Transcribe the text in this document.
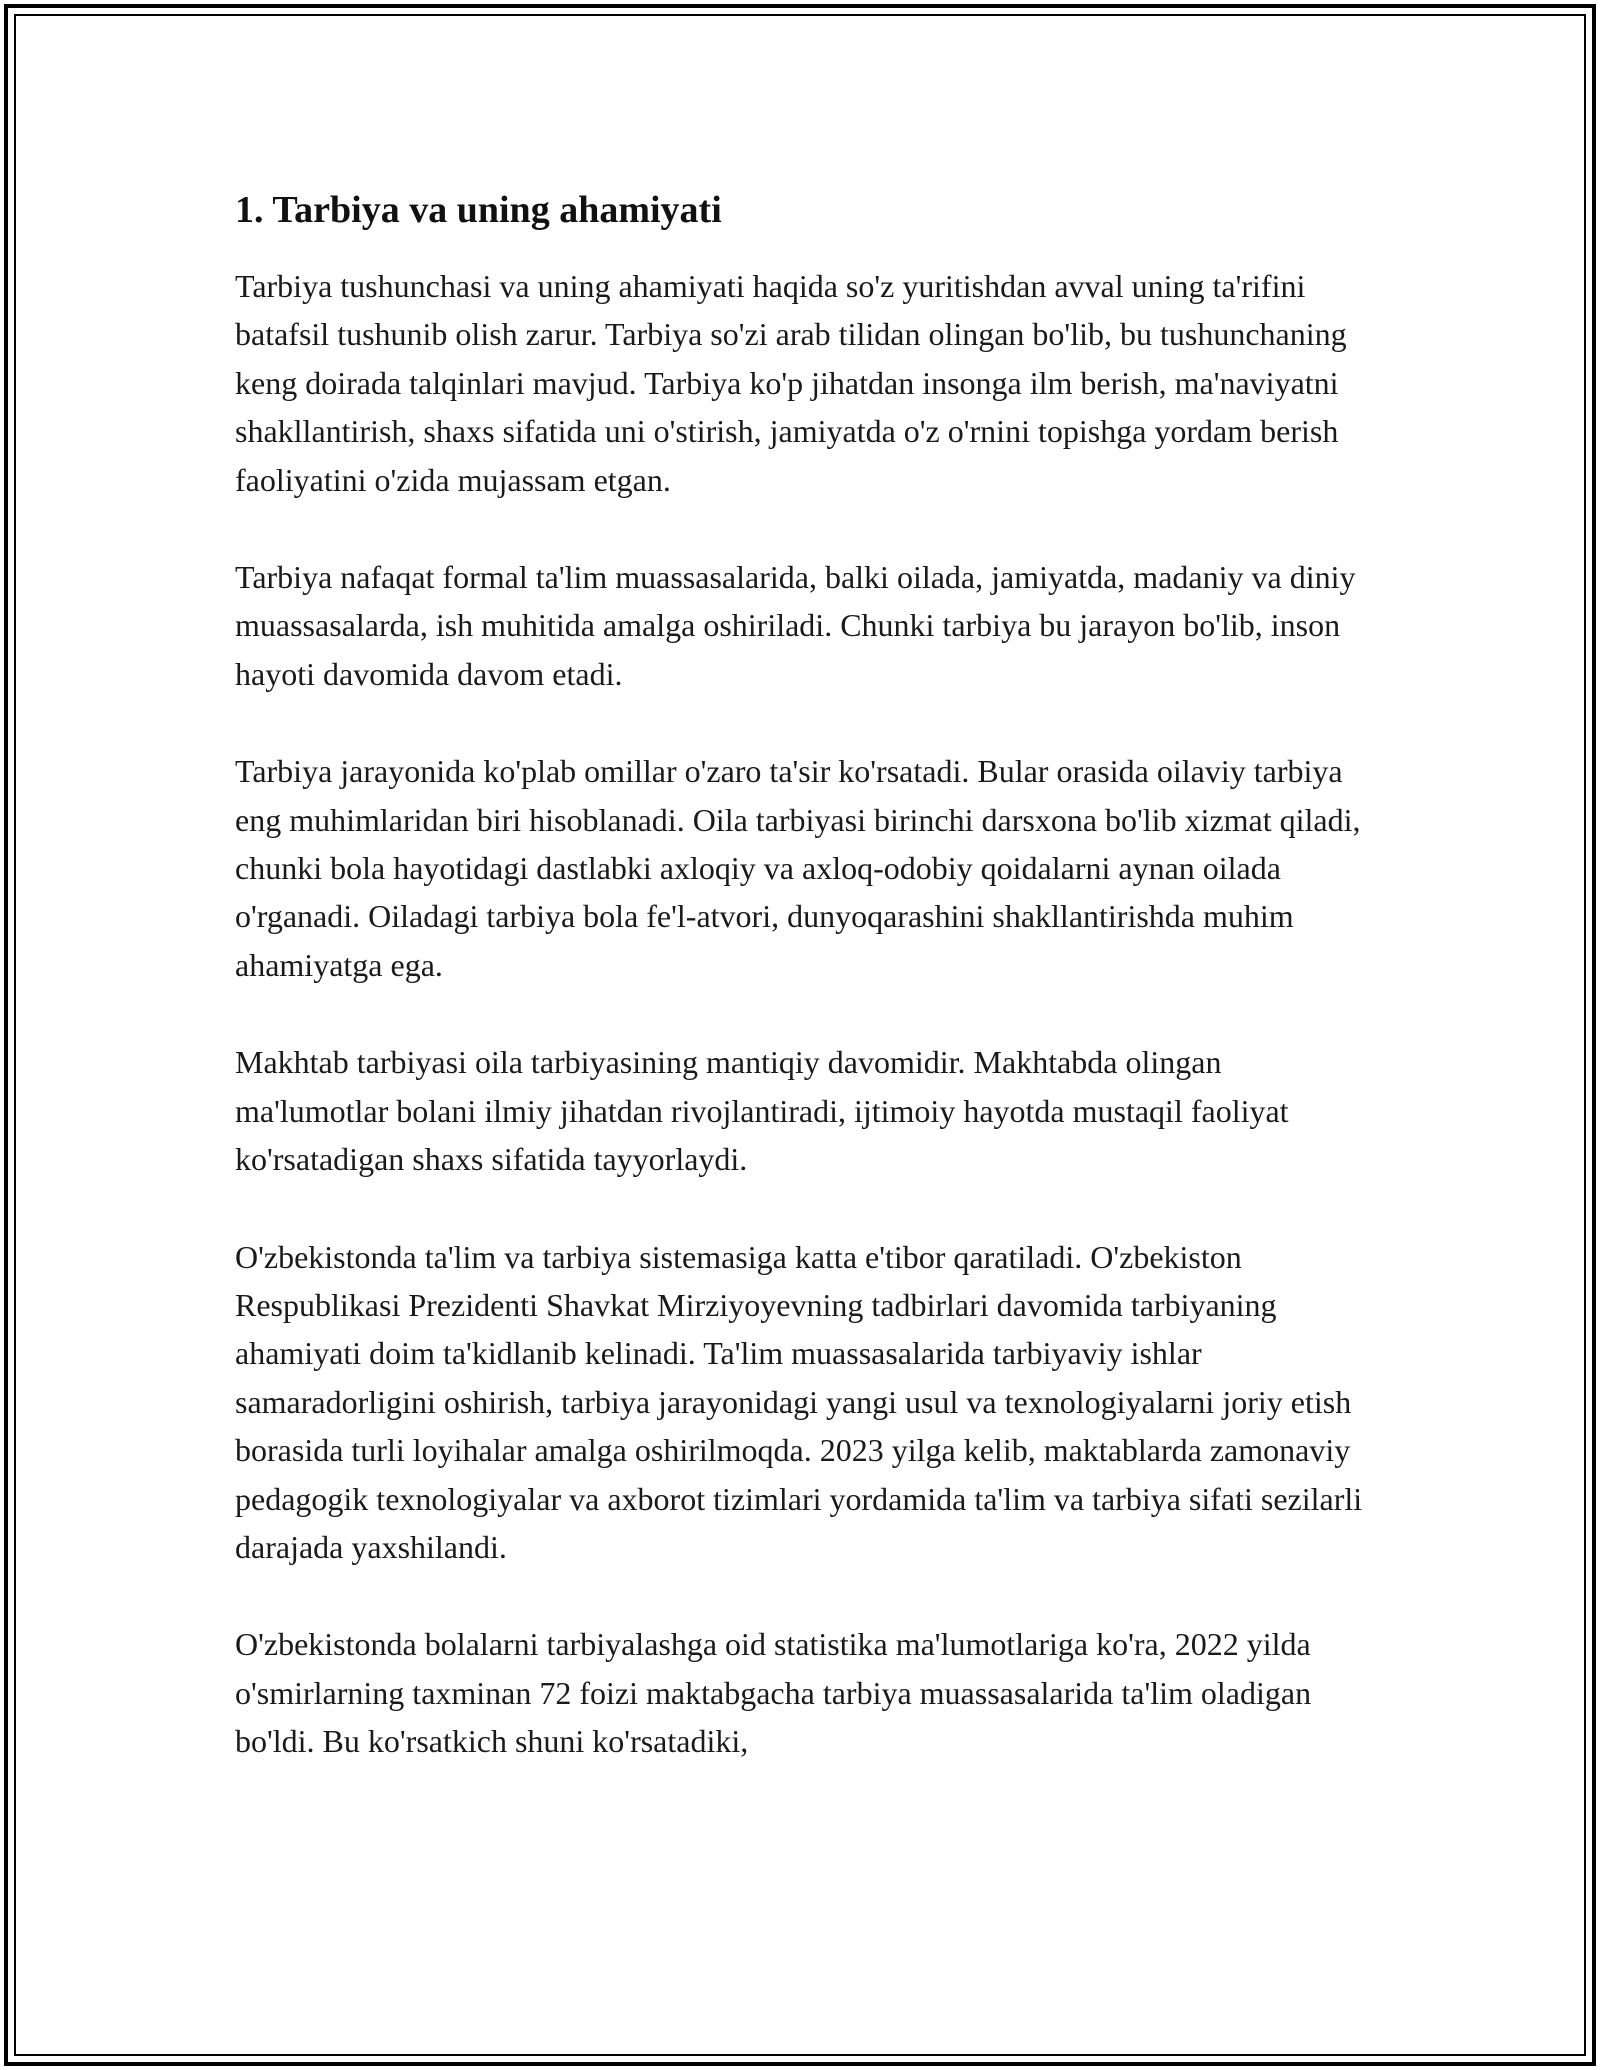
1. Tarbiya va uning ahamiyati

Tarbiya tushunchasi va uning ahamiyati haqida so'z yuritishdan avval uning ta'rifini batafsil tushunib olish zarur. Tarbiya so'zi arab tilidan olingan bo'lib, bu tushunchaning keng doirada talqinlari mavjud. Tarbiya ko'p jihatdan insonga ilm berish, ma'naviyatni shakllantirish, shaxs sifatida uni o'stirish, jamiyatda o'z o'rnini topishga yordam berish faoliyatini o'zida mujassam etgan.

Tarbiya nafaqat formal ta'lim muassasalarida, balki oilada, jamiyatda, madaniy va diniy muassasalarda, ish muhitida amalga oshiriladi. Chunki tarbiya bu jarayon bo'lib, inson hayoti davomida davom etadi.

Tarbiya jarayonida ko'plab omillar o'zaro ta'sir ko'rsatadi. Bular orasida oilaviy tarbiya eng muhimlaridan biri hisoblanadi. Oila tarbiyasi birinchi darsxona bo'lib xizmat qiladi, chunki bola hayotidagi dastlabki axloqiy va axloq-odobiy qoidalarni aynan oilada o'rganadi. Oiladagi tarbiya bola fe'l-atvori, dunyoqarashini shakllantirishda muhim ahamiyatga ega.

Makhtab tarbiyasi oila tarbiyasining mantiqiy davomidir. Makhtabda olingan ma'lumotlar bolani ilmiy jihatdan rivojlantiradi, ijtimoiy hayotda mustaqil faoliyat ko'rsatadigan shaxs sifatida tayyorlaydi.

O'zbekistonda ta'lim va tarbiya sistemasiga katta e'tibor qaratiladi. O'zbekiston Respublikasi Prezidenti Shavkat Mirziyoyevning tadbirlari davomida tarbiyaning ahamiyati doim ta'kidlanib kelinadi. Ta'lim muassasalarida tarbiyaviy ishlar samaradorligini oshirish, tarbiya jarayonidagi yangi usul va texnologiyalarni joriy etish borasida turli loyihalar amalga oshirilmoqda. 2023 yilga kelib, maktablarda zamonaviy pedagogik texnologiyalar va axborot tizimlari yordamida ta'lim va tarbiya sifati sezilarli darajada yaxshilandi.

O'zbekistonda bolalarni tarbiyalashga oid statistika ma'lumotlariga ko'ra, 2022 yilda o'smirlarning taxminan 72 foizi maktabgacha tarbiya muassasalarida ta'lim oladigan bo'ldi. Bu ko'rsatkich shuni ko'rsatadiki,
